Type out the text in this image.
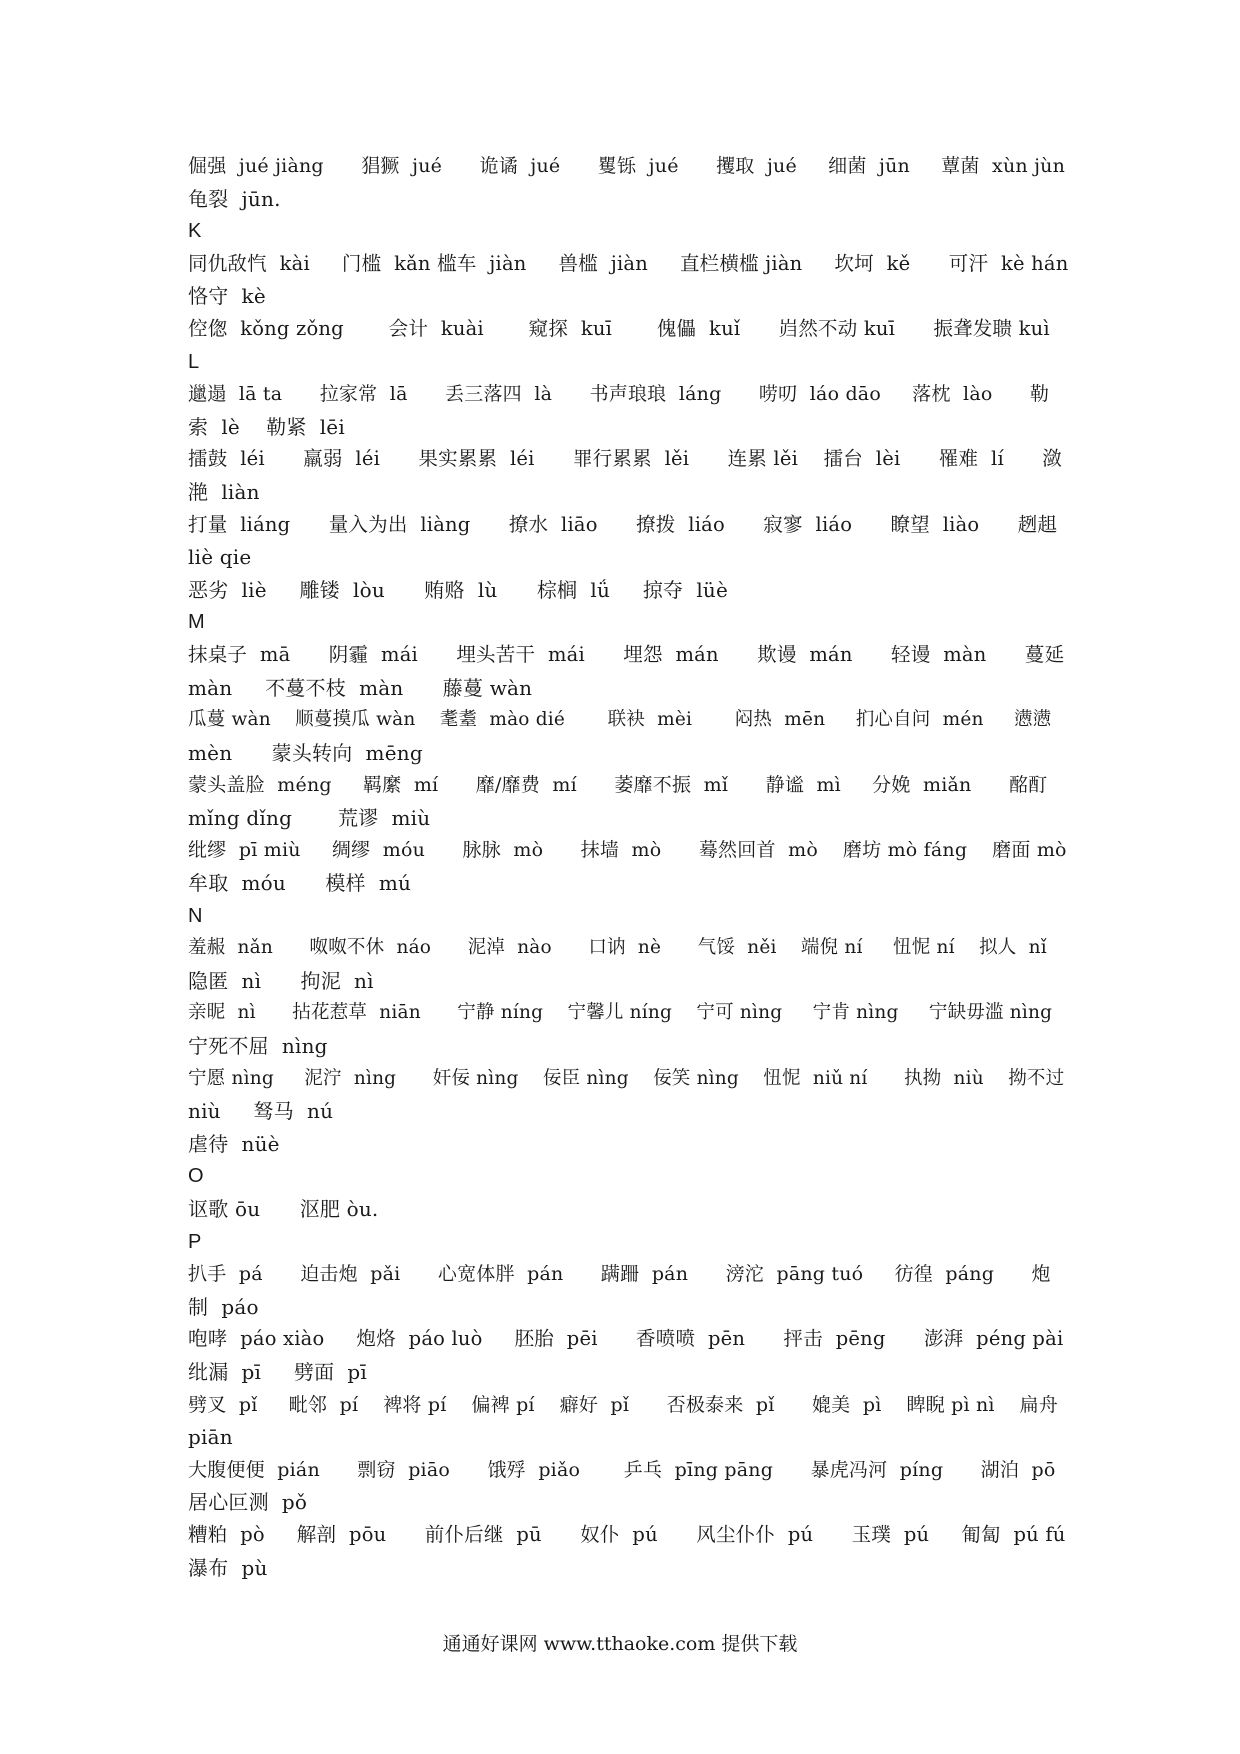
倔强  jué jiàng      猖獗  jué      诡谲  jué      矍铄  jué      攫取  jué     细菌  jūn     蕈菌  xùn jùn
龟裂  jūn.
K
同仇敌忾  kài     门槛  kǎn 槛车  jiàn     兽槛  jiàn     直栏横槛 jiàn     坎坷  kě      可汗  kè hán
恪守  kè
倥偬  kǒng zǒng       会计  kuài       窥探  kuī       傀儡  kuǐ      岿然不动 kuī      振聋发聩 kuì
L
邋遢  lā ta      拉家常  lā      丢三落四  là      书声琅琅  láng      唠叨  láo dāo     落枕  lào      勒
索  lè    勒紧  lēi
擂鼓  léi      羸弱  léi      果实累累  léi      罪行累累  lěi      连累 lěi    擂台  lèi      罹难  lí      潋
滟  liàn
打量  liáng      量入为出  liàng      撩水  liāo      撩拨  liáo      寂寥  liáo      瞭望  liào      趔趄
liè qie
恶劣  liè     雕镂  lòu      贿赂  lù      棕榈  lǘ     掠夺  lüè
M
抹桌子  mā      阴霾  mái      埋头苦干  mái      埋怨  mán      欺谩  mán      轻谩  màn      蔓延
màn     不蔓不枝  màn      藤蔓 wàn
瓜蔓 wàn    顺蔓摸瓜 wàn    耄耋  mào dié       联袂  mèi       闷热  mēn     扪心自问  mén     懑懑
mèn      蒙头转向  mēng
蒙头盖脸  méng     羁縻  mí      靡/靡费  mí      萎靡不振  mǐ      静谧  mì     分娩  miǎn      酩酊
mǐng dǐng       荒谬  miù
纰缪  pī miù     绸缪  móu      脉脉  mò      抹墙  mò      蓦然回首  mò    磨坊 mò fáng    磨面 mò
牟取  móu      模样  mú
N
羞赧  nǎn      呶呶不休  náo      泥淖  nào      口讷  nè      气馁  něi    端倪 ní     忸怩 ní    拟人  nǐ
隐匿  nì      拘泥  nì
亲昵  nì      拈花惹草  niān      宁静 níng    宁馨儿 níng    宁可 nìng     宁肯 nìng     宁缺毋滥 nìng
宁死不屈  nìng
宁愿 nìng     泥泞  nìng      奸佞 nìng    佞臣 nìng    佞笑 nìng    忸怩  niǔ ní      执拗  niù    拗不过
niù     驽马  nú
虐待  nüè
O
讴歌 ōu      沤肥 òu.
P
扒手  pá      迫击炮  pǎi      心宽体胖  pán      蹒跚  pán      滂沱  pāng tuó     彷徨  páng      炮
制  páo
咆哮  páo xiào     炮烙  páo luò     胚胎  pēi      香喷喷  pēn      抨击  pēng      澎湃  péng pài
纰漏  pī     劈面  pī
劈叉  pǐ     毗邻  pí    裨将 pí    偏裨 pí    癖好  pǐ      否极泰来  pǐ      媲美  pì    睥睨 pì nì    扁舟
piān
大腹便便  pián      剽窃  piāo      饿殍  piǎo       乒乓  pīng pāng      暴虎冯河  píng      湖泊  pō
居心叵测  pǒ
糟粕  pò     解剖  pōu      前仆后继  pū      奴仆  pú      风尘仆仆  pú      玉璞  pú     匍匐  pú fú
瀑布  pù
通通好课网 www.tthaoke.com 提供下载
